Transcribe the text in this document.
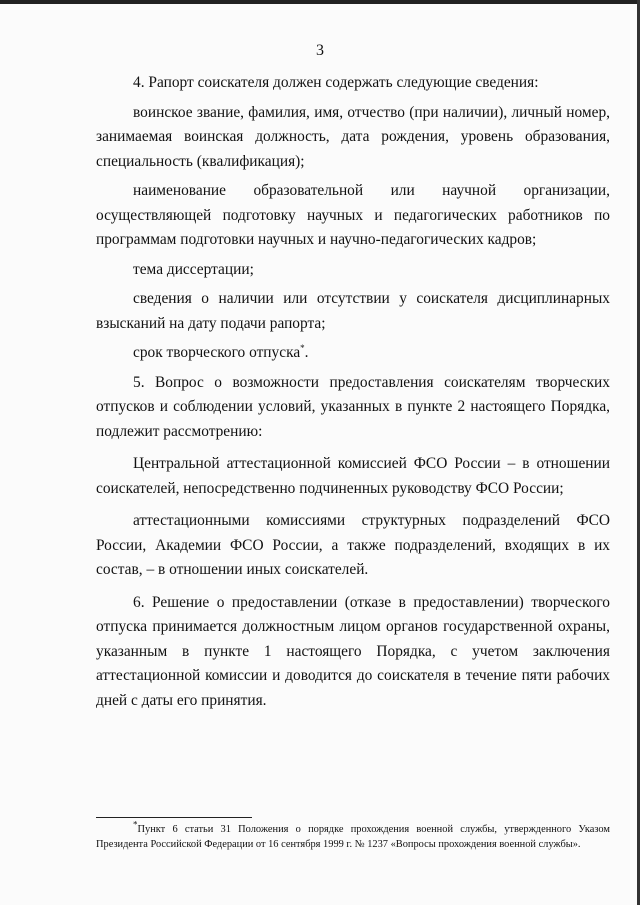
3

4. Рапорт соискателя должен содержать следующие сведения:

воинское звание, фамилия, имя, отчество (при наличии), личный номер, занимаемая воинская должность, дата рождения, уровень образования, специальность (квалификация);

наименование образовательной или научной организации, осуществляющей подготовку научных и педагогических работников по программам подготовки научных и научно-педагогических кадров;

тема диссертации;

сведения о наличии или отсутствии у соискателя дисциплинарных взысканий на дату подачи рапорта;

срок творческого отпуска*.

5. Вопрос о возможности предоставления соискателям творческих отпусков и соблюдении условий, указанных в пункте 2 настоящего Порядка, подлежит рассмотрению:

Центральной аттестационной комиссией ФСО России – в отношении соискателей, непосредственно подчиненных руководству ФСО России;

аттестационными комиссиями структурных подразделений ФСО России, Академии ФСО России, а также подразделений, входящих в их состав, – в отношении иных соискателей.

6. Решение о предоставлении (отказе в предоставлении) творческого отпуска принимается должностным лицом органов государственной охраны, указанным в пункте 1 настоящего Порядка, с учетом заключения аттестационной комиссии и доводится до соискателя в течение пяти рабочих дней с даты его принятия.

*Пункт 6 статьи 31 Положения о порядке прохождения военной службы, утвержденного Указом Президента Российской Федерации от 16 сентября 1999 г. № 1237 «Вопросы прохождения военной службы».
